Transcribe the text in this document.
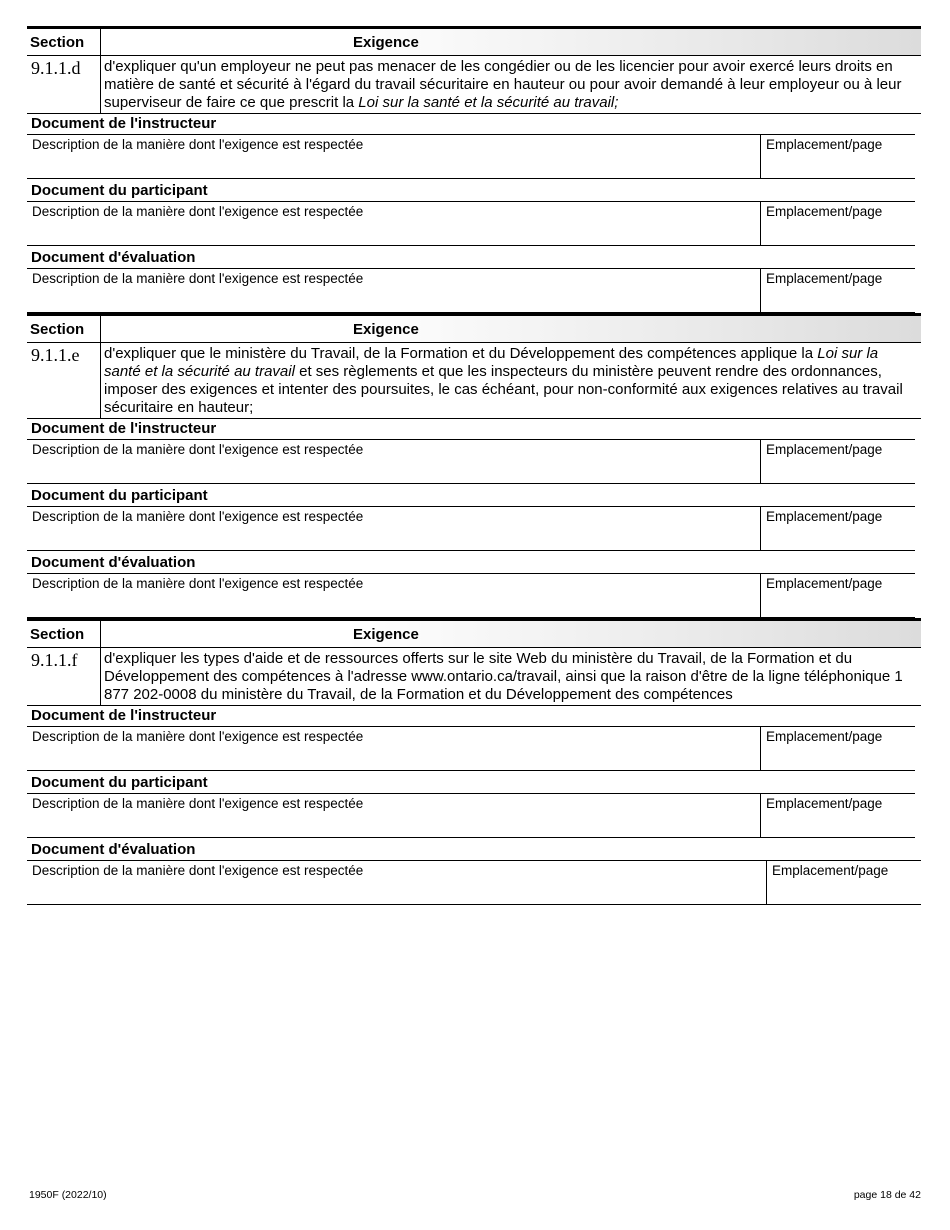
Section	Exigence
9.1.1.d	d'expliquer qu'un employeur ne peut pas menacer de les congédier ou de les licencier pour avoir exercé leurs droits en matière de santé et sécurité à l'égard du travail sécuritaire en hauteur ou pour avoir demandé à leur employeur ou à leur superviseur de faire ce que prescrit la Loi sur la santé et la sécurité au travail;
Document de l'instructeur
Description de la manière dont l'exigence est respectée	Emplacement/page
Document du participant
Description de la manière dont l'exigence est respectée	Emplacement/page
Document d'évaluation
Description de la manière dont l'exigence est respectée	Emplacement/page
Section	Exigence
9.1.1.e	d'expliquer que le ministère du Travail, de la Formation et du Développement des compétences applique la Loi sur la santé et la sécurité au travail et ses règlements et que les inspecteurs du ministère peuvent rendre des ordonnances, imposer des exigences et intenter des poursuites, le cas échéant, pour non-conformité aux exigences relatives au travail sécuritaire en hauteur;
Document de l'instructeur
Description de la manière dont l'exigence est respectée	Emplacement/page
Document du participant
Description de la manière dont l'exigence est respectée	Emplacement/page
Document d'évaluation
Description de la manière dont l'exigence est respectée	Emplacement/page
Section	Exigence
9.1.1.f	d'expliquer les types d'aide et de ressources offerts sur le site Web du ministère du Travail, de la Formation et du Développement des compétences à l'adresse www.ontario.ca/travail, ainsi que la raison d'être de la ligne téléphonique 1 877 202-0008 du ministère du Travail, de la Formation et du Développement des compétences
Document de l'instructeur
Description de la manière dont l'exigence est respectée	Emplacement/page
Document du participant
Description de la manière dont l'exigence est respectée	Emplacement/page
Document d'évaluation
Description de la manière dont l'exigence est respectée	Emplacement/page
1950F (2022/10)	page 18 de 42
